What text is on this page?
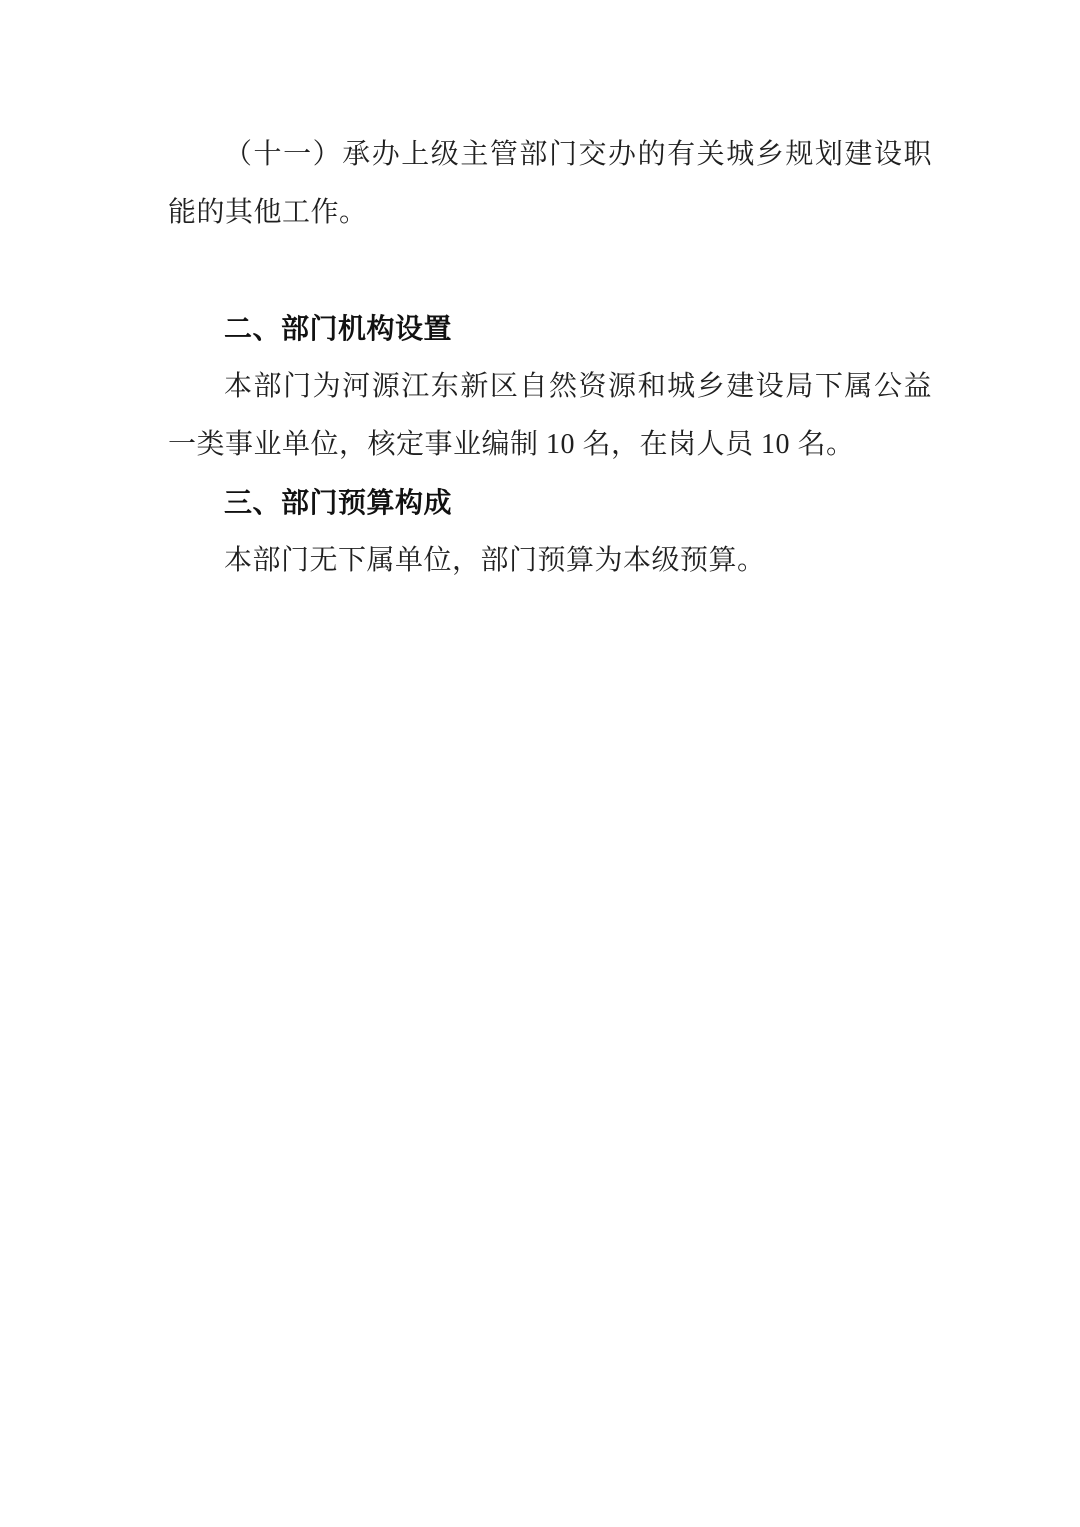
（十一）承办上级主管部门交办的有关城乡规划建设职能的其他工作。

二、部门机构设置

本部门为河源江东新区自然资源和城乡建设局下属公益一类事业单位，核定事业编制 10 名，在岗人员 10 名。

三、部门预算构成

本部门无下属单位，部门预算为本级预算。
